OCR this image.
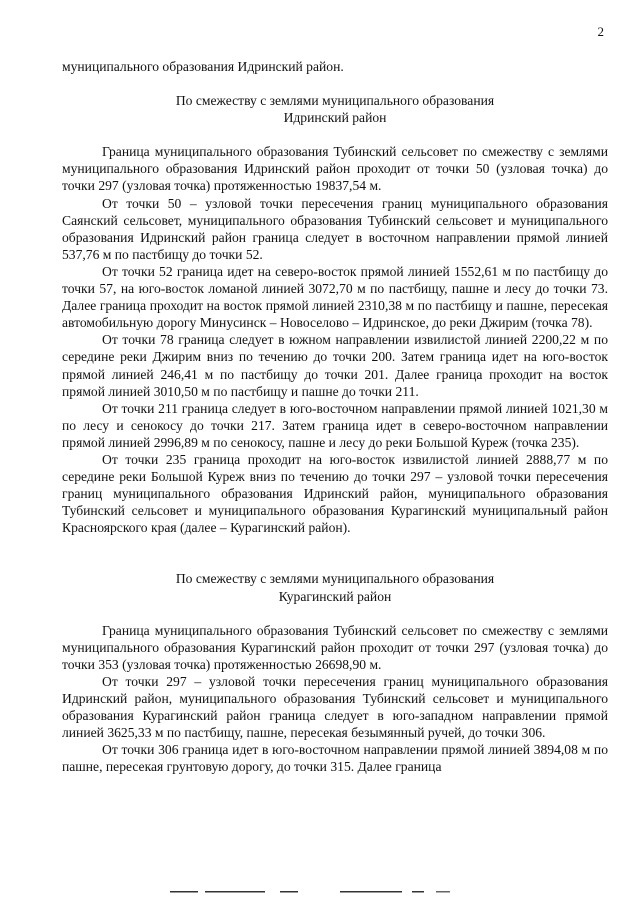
2

муниципального образования Идринский район.

По смежеству с землями муниципального образования

Идринский район

Граница муниципального образования Тубинский сельсовет по смежеству с землями муниципального образования Идринский район проходит от точки 50 (узловая точка) до точки 297 (узловая точка) протяженностью 19837,54 м.

От точки 50 – узловой точки пересечения границ муниципального образования Саянский сельсовет, муниципального образования Тубинский сельсовет и муниципального образования Идринский район граница следует в восточном направлении прямой линией 537,76 м по пастбищу до точки 52.

От точки 52 граница идет на северо-восток прямой линией 1552,61 м по пастбищу до точки 57, на юго-восток ломаной линией 3072,70 м по пастбищу, пашне и лесу до точки 73. Далее граница проходит на восток прямой линией 2310,38 м по пастбищу и пашне, пересекая автомобильную дорогу Минусинск – Новоселово – Идринское, до реки Джирим (точка 78).

От точки 78 граница следует в южном направлении извилистой линией 2200,22 м по середине реки Джирим вниз по течению до точки 200. Затем граница идет на юго-восток прямой линией 246,41 м по пастбищу до точки 201. Далее граница проходит на восток прямой линией 3010,50 м по пастбищу и пашне до точки 211.

От точки 211 граница следует в юго-восточном направлении прямой линией 1021,30 м по лесу и сенокосу до точки 217. Затем граница идет в северо-восточном направлении прямой линией 2996,89 м по сенокосу, пашне и лесу до реки Большой Куреж (точка 235).

От точки 235 граница проходит на юго-восток извилистой линией 2888,77 м по середине реки Большой Куреж вниз по течению до точки 297 – узловой точки пересечения границ муниципального образования Идринский район, муниципального образования Тубинский сельсовет и муниципального образования Курагинский муниципальный район Красноярского края (далее – Курагинский район).

По смежеству с землями муниципального образования

Курагинский район

Граница муниципального образования Тубинский сельсовет по смежеству с землями муниципального образования Курагинский район проходит от точки 297 (узловая точка) до точки 353 (узловая точка) протяженностью 26698,90 м.

От точки 297 – узловой точки пересечения границ муниципального образования Идринский район, муниципального образования Тубинский сельсовет и муниципального образования Курагинский район граница следует в юго-западном направлении прямой линией 3625,33 м по пастбищу, пашне, пересекая безымянный ручей, до точки 306.

От точки 306 граница идет в юго-восточном направлении прямой линией 3894,08 м по пашне, пересекая грунтовую дорогу, до точки 315. Далее граница
